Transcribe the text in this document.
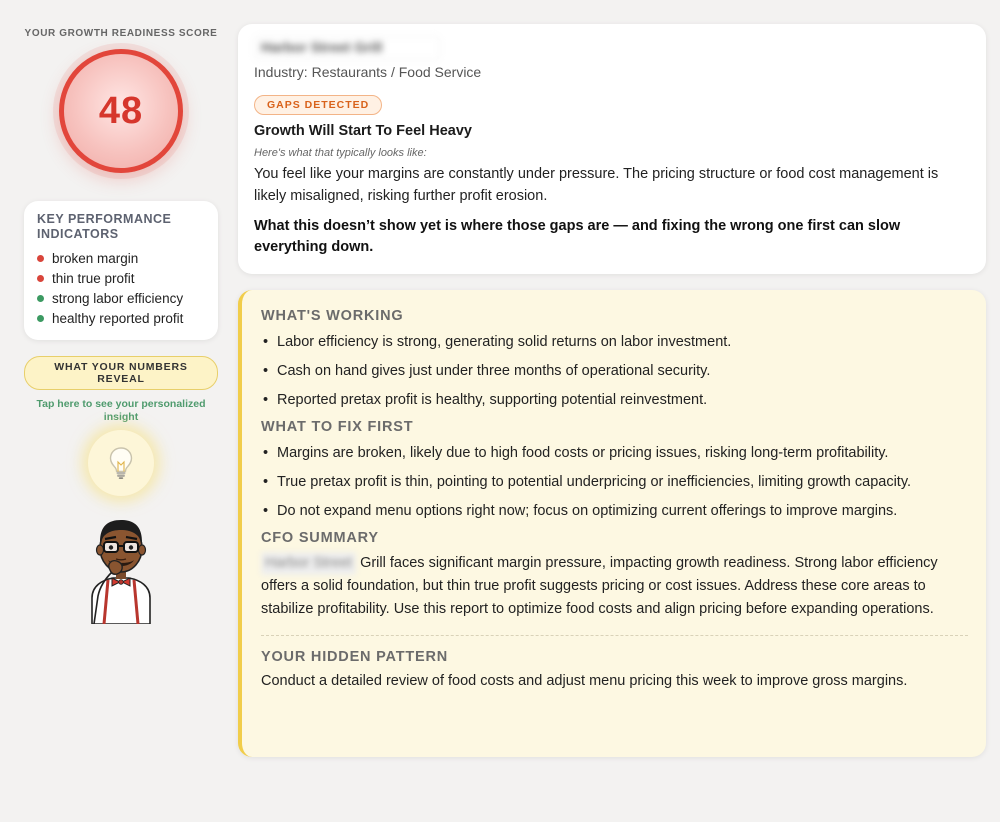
YOUR GROWTH READINESS SCORE
48
KEY PERFORMANCE INDICATORS
broken margin
thin true profit
strong labor efficiency
healthy reported profit
WHAT YOUR NUMBERS REVEAL
Tap here to see your personalized insight
Harbor Street Grill
Industry: Restaurants / Food Service
GAPS DETECTED
Growth Will Start To Feel Heavy
Here's what that typically looks like:
You feel like your margins are constantly under pressure. The pricing structure or food cost management is likely misaligned, risking further profit erosion.
What this doesn’t show yet is where those gaps are — and fixing the wrong one first can slow everything down.
WHAT'S WORKING
• Labor efficiency is strong, generating solid returns on labor investment.
• Cash on hand gives just under three months of operational security.
• Reported pretax profit is healthy, supporting potential reinvestment.
WHAT TO FIX FIRST
• Margins are broken, likely due to high food costs or pricing issues, risking long-term profitability.
• True pretax profit is thin, pointing to potential underpricing or inefficiencies, limiting growth capacity.
• Do not expand menu options right now; focus on optimizing current offerings to improve margins.
CFO SUMMARY
Harbor Street Grill faces significant margin pressure, impacting growth readiness. Strong labor efficiency offers a solid foundation, but thin true profit suggests pricing or cost issues. Address these core areas to stabilize profitability. Use this report to optimize food costs and align pricing before expanding operations.
YOUR HIDDEN PATTERN
Conduct a detailed review of food costs and adjust menu pricing this week to improve gross margins.
